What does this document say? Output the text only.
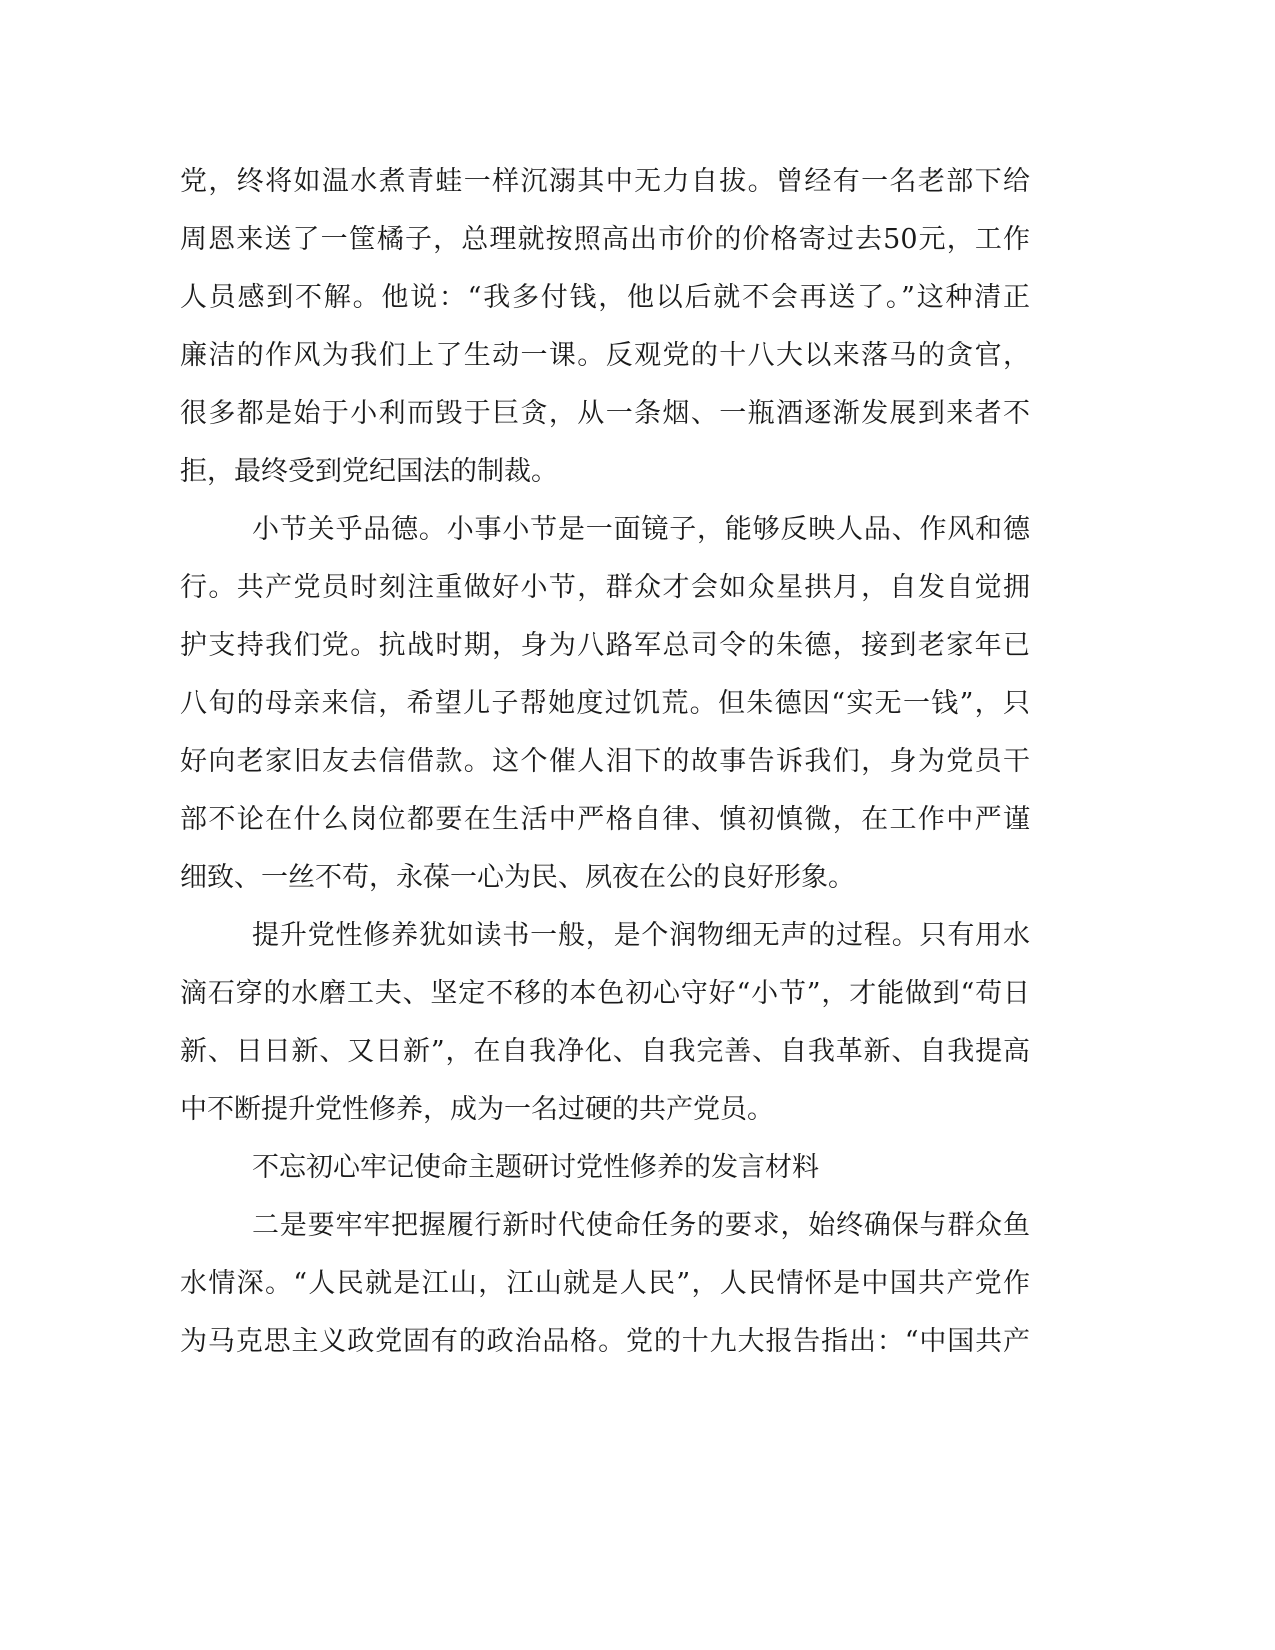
党，终将如温水煮青蛙一样沉溺其中无力自拔。曾经有一名老部下给
周恩来送了一筐橘子，总理就按照高出市价的价格寄过去50元，工作
人员感到不解。他说：“我多付钱，他以后就不会再送了。”这种清正
廉洁的作风为我们上了生动一课。反观党的十八大以来落马的贪官，
很多都是始于小利而毁于巨贪，从一条烟、一瓶酒逐渐发展到来者不
拒，最终受到党纪国法的制裁。
小节关乎品德。小事小节是一面镜子，能够反映人品、作风和德
行。共产党员时刻注重做好小节，群众才会如众星拱月，自发自觉拥
护支持我们党。抗战时期，身为八路军总司令的朱德，接到老家年已
八旬的母亲来信，希望儿子帮她度过饥荒。但朱德因“实无一钱”，只
好向老家旧友去信借款。这个催人泪下的故事告诉我们，身为党员干
部不论在什么岗位都要在生活中严格自律、慎初慎微，在工作中严谨
细致、一丝不苟，永葆一心为民、夙夜在公的良好形象。
提升党性修养犹如读书一般，是个润物细无声的过程。只有用水
滴石穿的水磨工夫、坚定不移的本色初心守好“小节”，才能做到“苟日
新、日日新、又日新”，在自我净化、自我完善、自我革新、自我提高
中不断提升党性修养，成为一名过硬的共产党员。
不忘初心牢记使命主题研讨党性修养的发言材料
二是要牢牢把握履行新时代使命任务的要求，始终确保与群众鱼
水情深。“人民就是江山，江山就是人民”，人民情怀是中国共产党作
为马克思主义政党固有的政治品格。党的十九大报告指出：“中国共产
